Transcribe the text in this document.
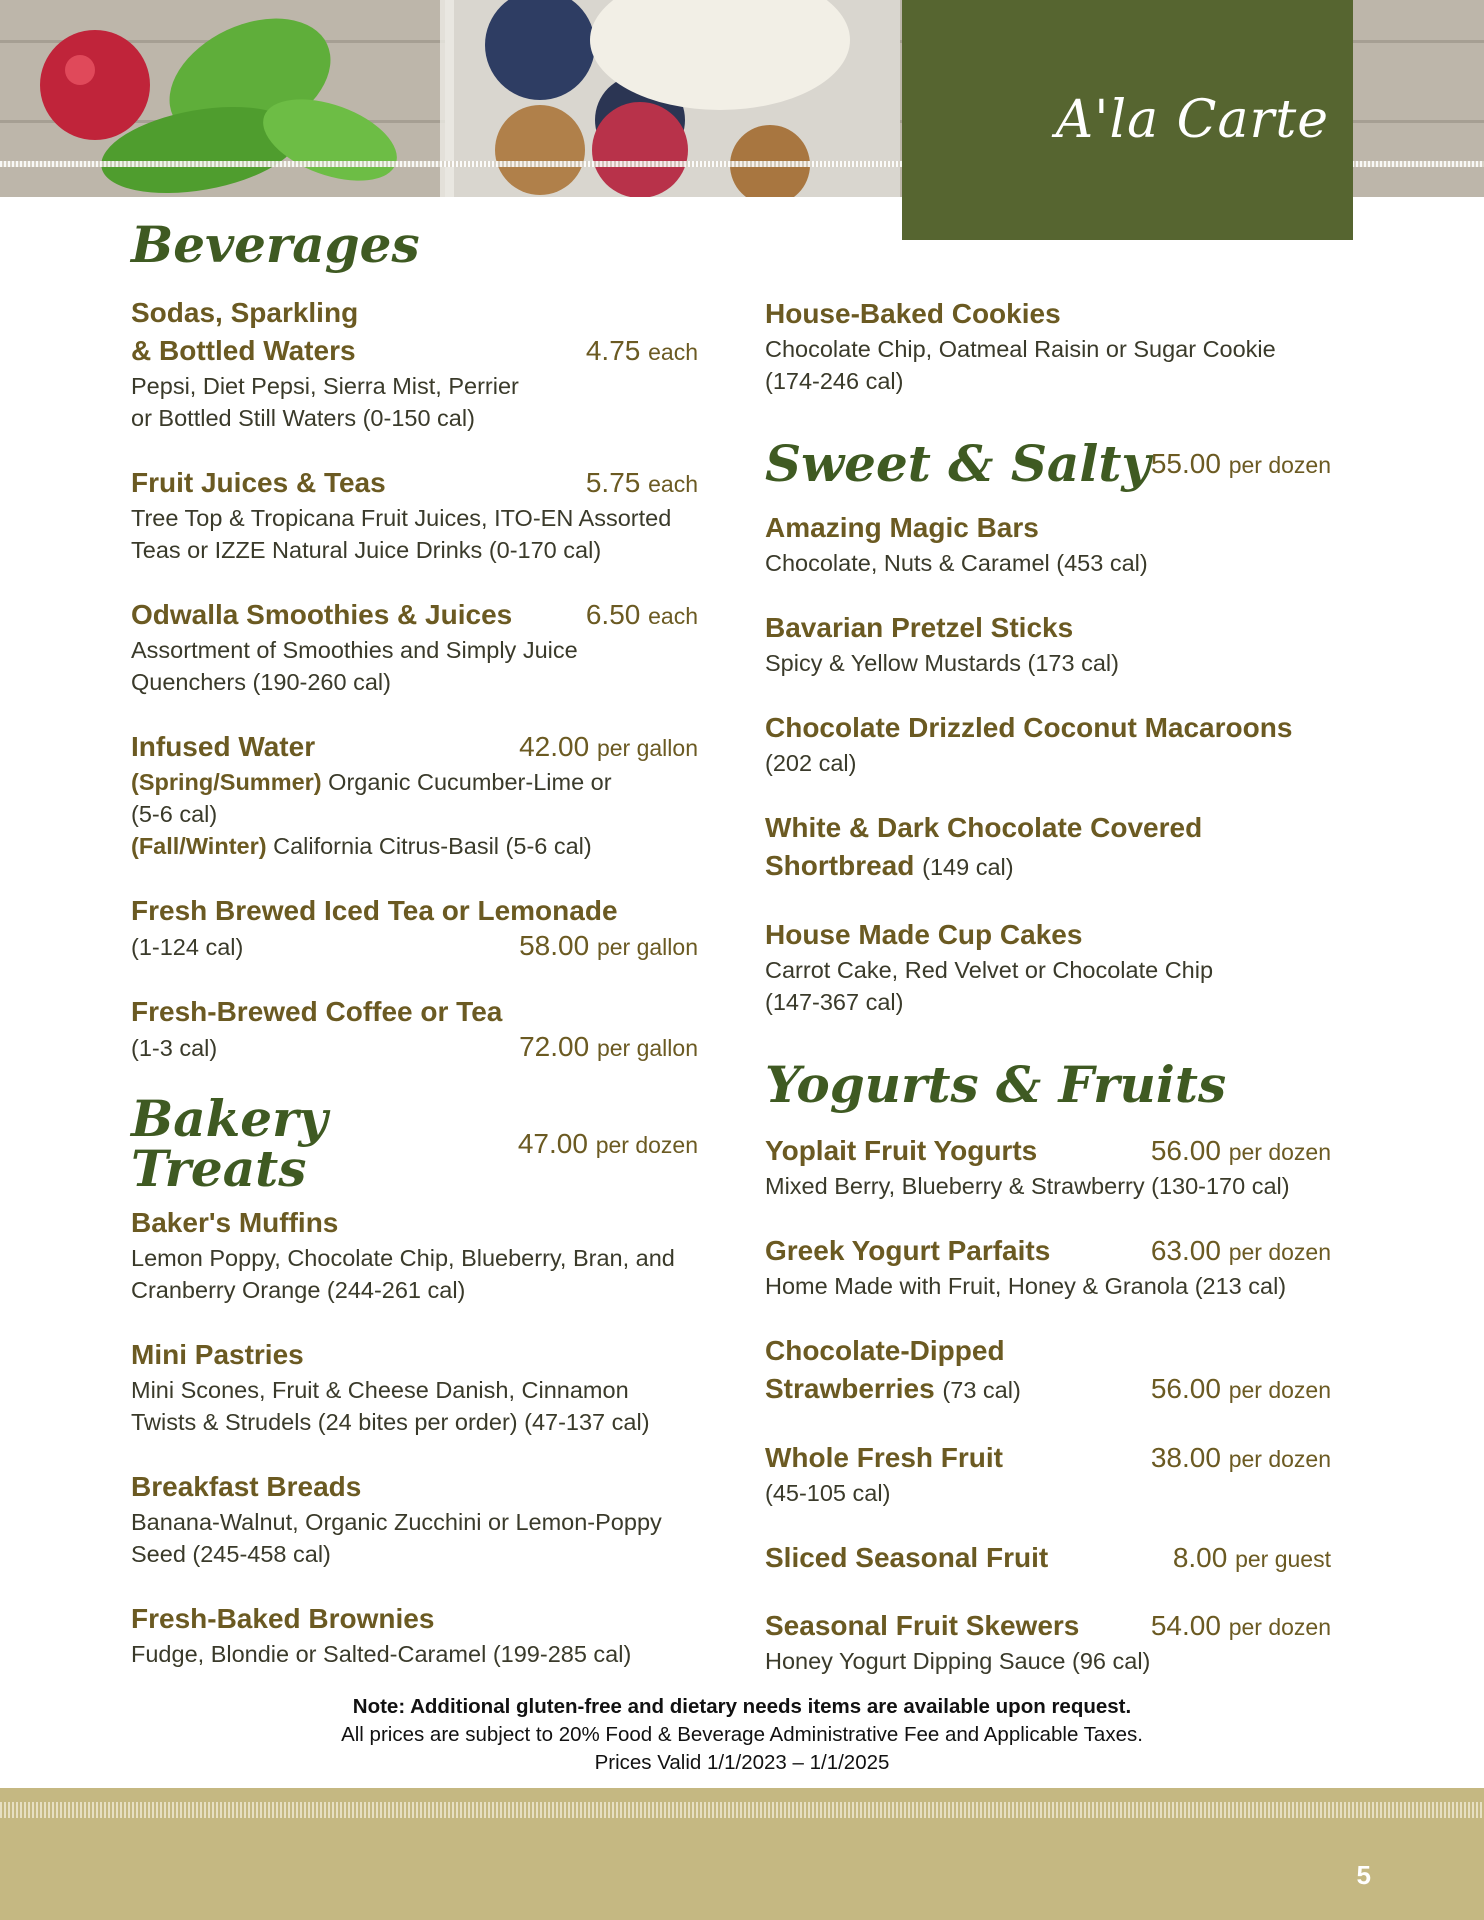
A'la Carte
Beverages
Sodas, Sparkling
& Bottled Waters	4.75 each
Pepsi, Diet Pepsi, Sierra Mist, Perrier
or Bottled Still Waters (0-150 cal)
Fruit Juices & Teas	5.75 each
Tree Top & Tropicana Fruit Juices, ITO-EN Assorted
Teas or IZZE Natural Juice Drinks (0-170 cal)
Odwalla Smoothies & Juices	6.50 each
Assortment of Smoothies and Simply Juice
Quenchers (190-260 cal)
Infused Water	42.00 per gallon
(Spring/Summer) Organic Cucumber-Lime or
(5-6 cal)
(Fall/Winter) California Citrus-Basil (5-6 cal)
Fresh Brewed Iced Tea or Lemonade
(1-124 cal)	58.00 per gallon
Fresh-Brewed Coffee or Tea
(1-3 cal)	72.00 per gallon
Bakery Treats	47.00 per dozen
Baker's Muffins
Lemon Poppy, Chocolate Chip, Blueberry, Bran, and
Cranberry Orange (244-261 cal)
Mini Pastries
Mini Scones, Fruit & Cheese Danish, Cinnamon
Twists & Strudels (24 bites per order) (47-137 cal)
Breakfast Breads
Banana-Walnut, Organic Zucchini or Lemon-Poppy
Seed (245-458 cal)
Fresh-Baked Brownies
Fudge, Blondie or Salted-Caramel (199-285 cal)
House-Baked Cookies
Chocolate Chip, Oatmeal Raisin or Sugar Cookie
(174-246 cal)
Sweet & Salty 55.00 per dozen
Amazing Magic Bars
Chocolate, Nuts & Caramel (453 cal)
Bavarian Pretzel Sticks
Spicy & Yellow Mustards (173 cal)
Chocolate Drizzled Coconut Macaroons
(202 cal)
White & Dark Chocolate Covered
Shortbread (149 cal)
House Made Cup Cakes
Carrot Cake, Red Velvet or Chocolate Chip
(147-367 cal)
Yogurts & Fruits
Yoplait Fruit Yogurts	56.00 per dozen
Mixed Berry, Blueberry & Strawberry (130-170 cal)
Greek Yogurt Parfaits	63.00 per dozen
Home Made with Fruit, Honey & Granola (213 cal)
Chocolate-Dipped
Strawberries (73 cal)	56.00 per dozen
Whole Fresh Fruit	38.00 per dozen
(45-105 cal)
Sliced Seasonal Fruit	8.00 per guest
Seasonal Fruit Skewers	54.00 per dozen
Honey Yogurt Dipping Sauce (96 cal)
Note: Additional gluten-free and dietary needs items are available upon request.
All prices are subject to 20% Food & Beverage Administrative Fee and Applicable Taxes.
Prices Valid 1/1/2023 – 1/1/2025
5
